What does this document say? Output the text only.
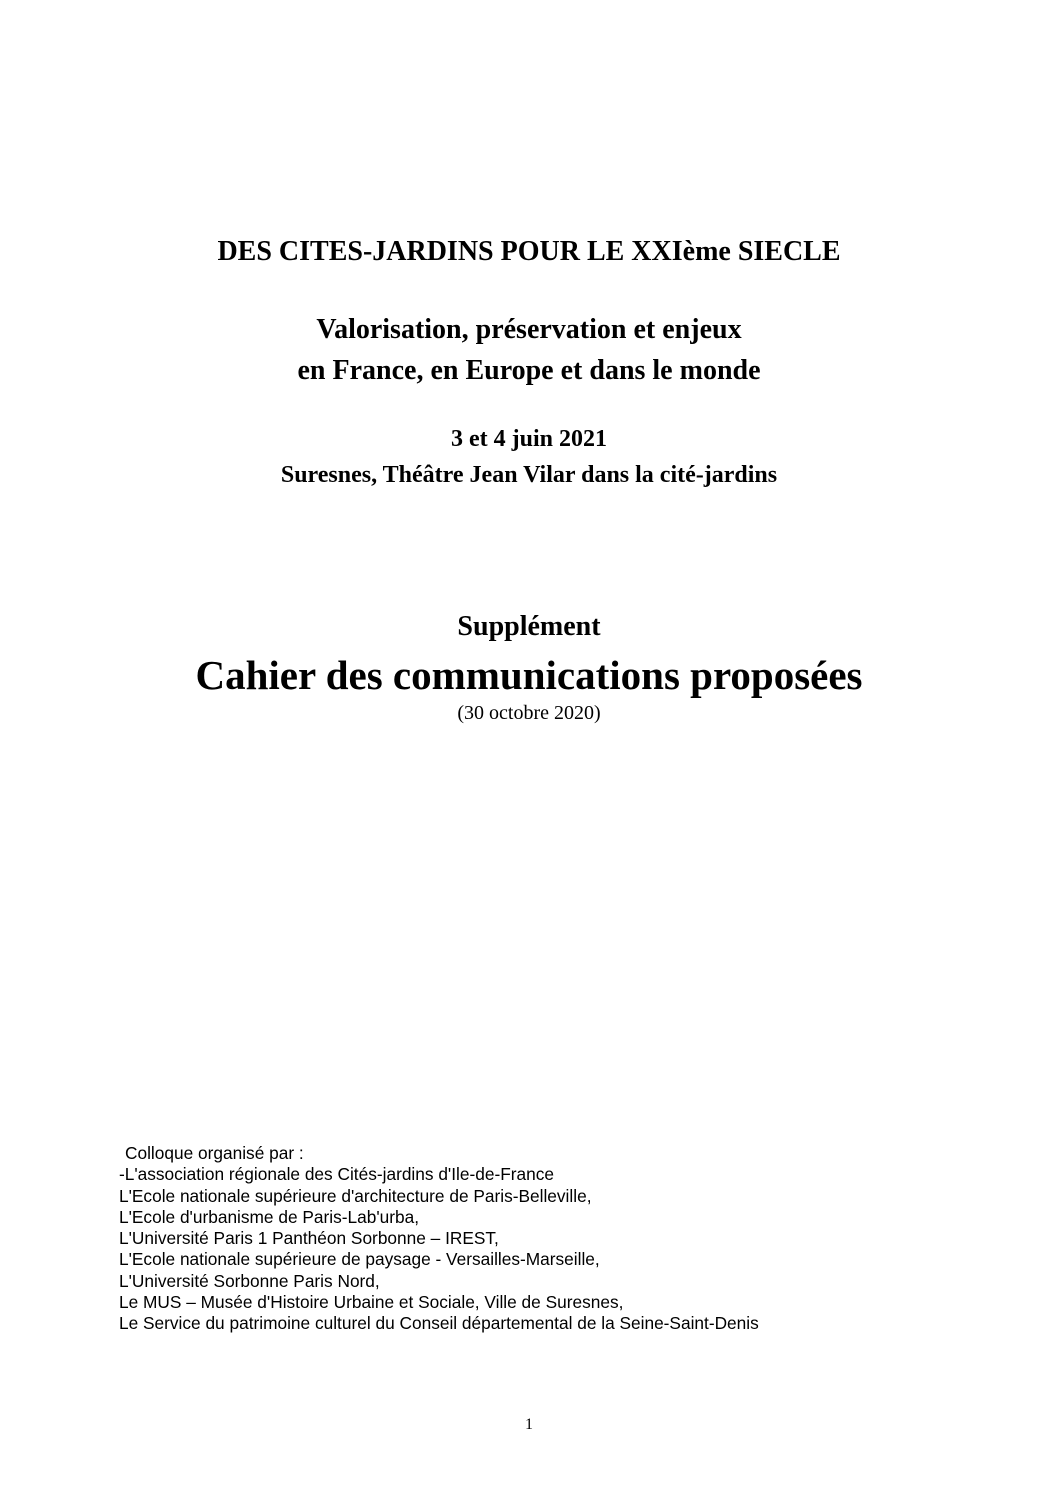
DES CITES-JARDINS POUR LE XXIème SIECLE
Valorisation, préservation et enjeux
en France, en Europe et dans le monde

3 et 4 juin 2021

Suresnes, Théâtre Jean Vilar dans la cité-jardins

Supplément

Cahier des communications proposées

(30 octobre 2020)

Colloque organisé par :
-L'association régionale des Cités-jardins d'Ile-de-France
L'Ecole nationale supérieure d'architecture de Paris-Belleville,
L'Ecole d'urbanisme de Paris-Lab'urba,
L'Université Paris 1 Panthéon Sorbonne – IREST,
L'Ecole nationale supérieure de paysage - Versailles-Marseille,
L'Université Sorbonne Paris Nord,
Le MUS – Musée d'Histoire Urbaine et Sociale, Ville de Suresnes,
Le Service du patrimoine culturel du Conseil départemental de la Seine-Saint-Denis
1
